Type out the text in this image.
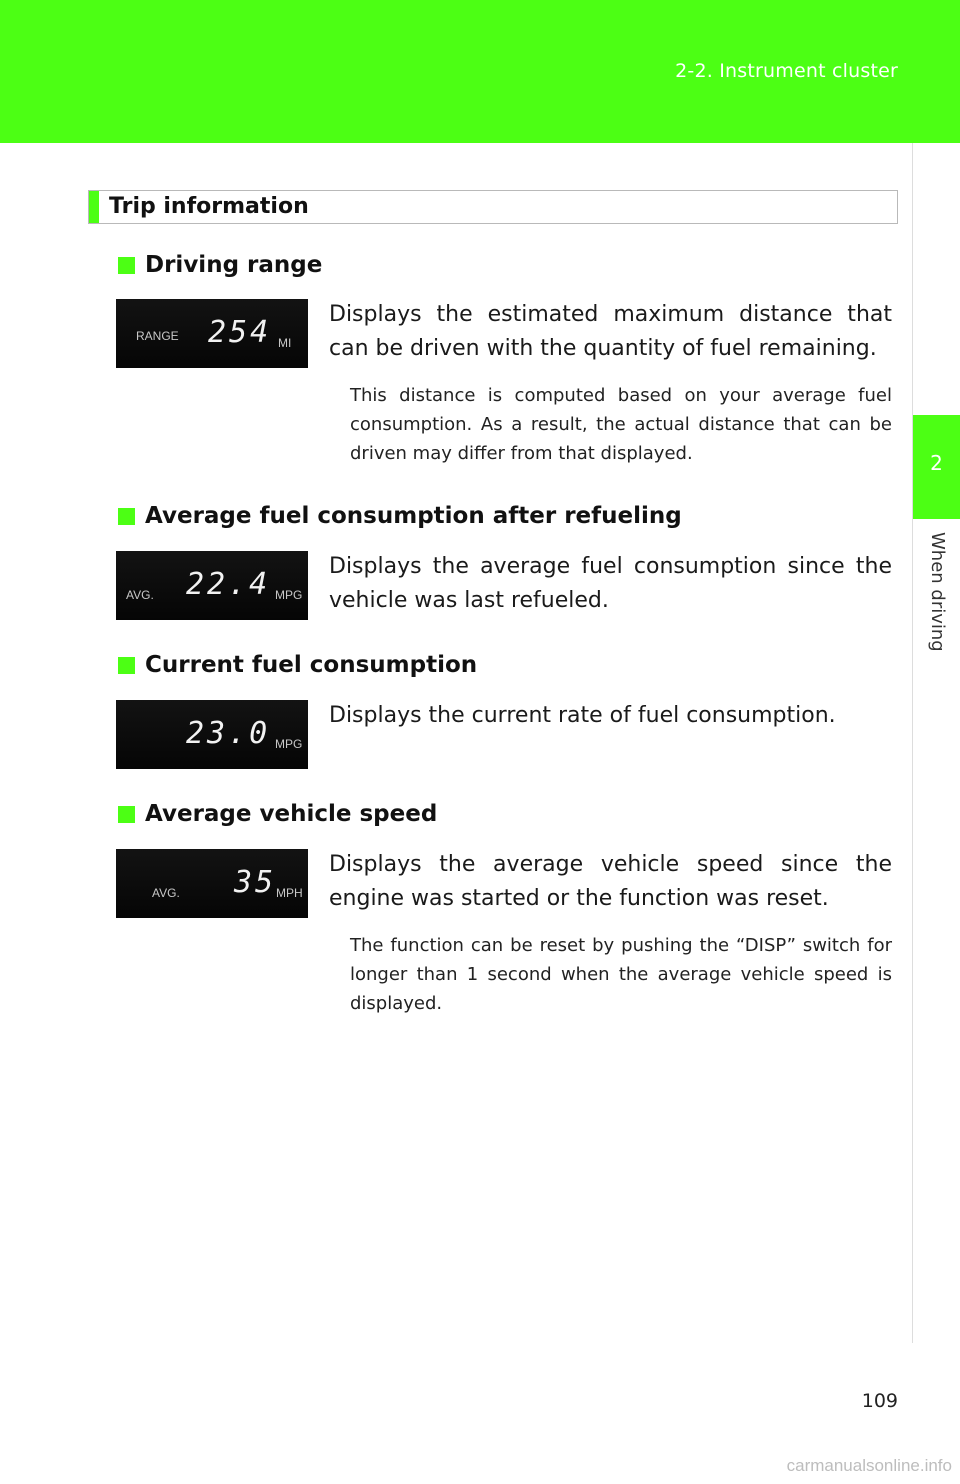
2-2. Instrument cluster
2
When driving
Trip information
Driving range
RANGE 254 MI
Displays the estimated maximum distance that can be driven with the quantity of fuel remaining.
This distance is computed based on your average fuel consumption. As a result, the actual distance that can be driven may differ from that displayed.
Average fuel consumption after refueling
AVG. 22.4 MPG
Displays the average fuel consumption since the vehicle was last refueled.
Current fuel consumption
23.0 MPG
Displays the current rate of fuel consumption.
Average vehicle speed
AVG. 35 MPH
Displays the average vehicle speed since the engine was started or the function was reset.
The function can be reset by pushing the “DISP” switch for longer than 1 second when the average vehicle speed is displayed.
109
carmanualsonline.info
